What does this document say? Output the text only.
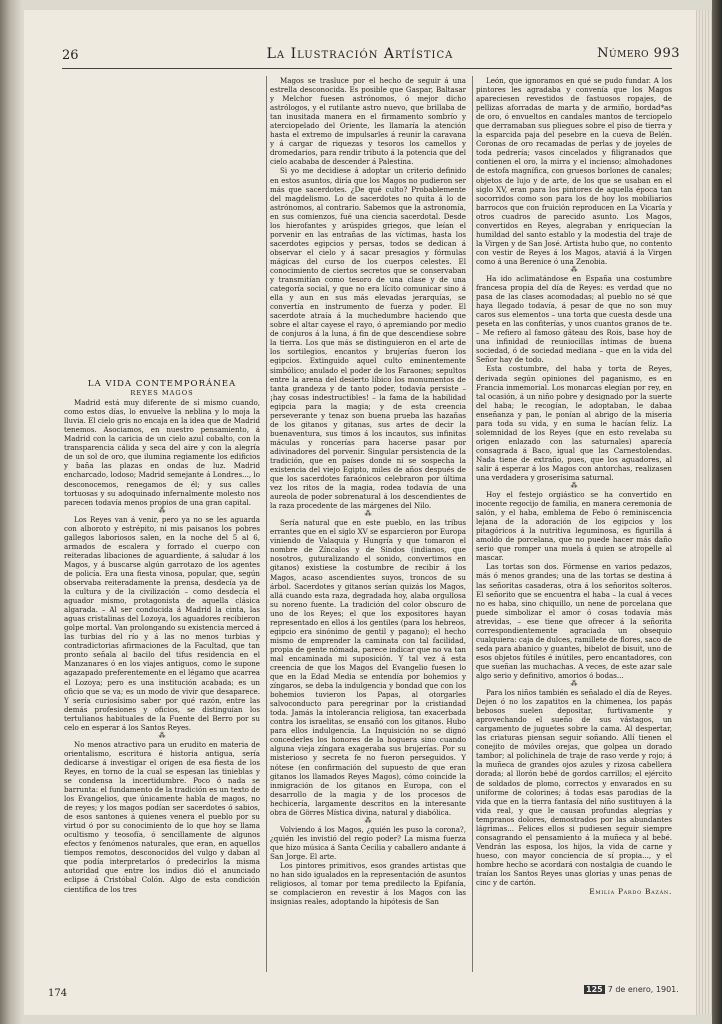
26	La Ilustración Artística	Número 993

LA VIDA CONTEMPORÁNEA

REYES MAGOS

Madrid está muy diferente de sí mismo cuando, como estos días, lo envuelve la neblina y lo moja la lluvia. El cielo gris no encaja en la idea que de Madrid tenemos. Asociamos, en nuestro pensamiento, á Madrid con la caricia de un cielo azul cobalto, con la transparencia cálida y seca del aire y con la alegría de un sol de oro, que ilumina regiamente los edificios y baña las plazas en ondas de luz. Madrid encharcado, lodoso; Madrid semejante á Londres..., lo desconocemos, renegamos de él; y sus calles tortuosas y su adoquinado infernalmente molesto nos parecen todavía menos propios de una gran capital.

⁂

Los Reyes van á venir, pero ya no se les aguarda con alboroto y estrépito, ni mis paisanos los pobres gallegos laboriosos salen, en la noche del 5 al 6, armados de escalera y forrado el cuerpo con reiteradas libaciones de aguardiente, á saludar á los Magos, y á buscarse algún garrotazo de los agentes de policía. Era una fiesta vinosa, popular, que, según observaba reiteradamente la prensa, desdecía ya de la cultura y de la civilización – como desdecía el aguador mismo, protagonista de aquella clásica algarada. – Al ser conducida á Madrid la cinta, las aguas cristalinas del Lozoya, los aguadores recibieron golpe mortal. Van prolongando su existencia merced á las turbias del río y á las no menos turbias y contradictorias afirmaciones de la Facultad, que tan pronto señala al bacilo del tifus residencia en el Manzanares ó en los viajes antiguos, como le supone agazapado preferentemente en el légamo que acarrea el Lozoya; pero es una institución acabada; es un oficio que se va; es un modo de vivir que desaparece. Y sería curiosísimo saber por qué razón, entre las demás profesiones y oficios, se distinguían los tertulianos habituales de la Fuente del Berro por su celo en esperar á los Santos Reyes.

⁂

No menos atractivo para un erudito en materia de orientalismo, escritura é historia antigua, sería dedicarse á investigar el origen de esa fiesta de los Reyes, en torno de la cual se espesan las tinieblas y se condensa la incertidumbre. Poco ó nada se barrunta: el fundamento de la tradición es un texto de los Evangelios, que únicamente habla de magos, no de reyes; y los magos podían ser sacerdotes ó sabios, de esos santones á quienes venera el pueblo por su virtud ó por su conocimiento de lo que hoy se llama ocultismo y teosofía, ó sencillamente de algunos efectos y fenómenos naturales, que eran, en aquellos tiempos remotos, desconocidos del vulgo y daban al que podía interpretarlos ó predecirlos la misma autoridad que entre los indios dió el anunciado eclipse á Cristóbal Colón. Algo de esta condición científica de los tres

Magos se trasluce por el hecho de seguir á una estrella desconocida. Es posible que Gaspar, Baltasar y Melchor fuesen astrónomos, ó mejor dicho astrólogos, y el rutilante astro nuevo, que brillaba de tan inusitada manera en el firmamento sombrío y aterciopelado del Oriente, les llamaría la atención hasta el extremo de impulsarles á reunir la caravana y á cargar de riquezas y tesoros los camellos y dromedarios, para rendir tributo á la potencia que del cielo acababa de descender á Palestina.

Si yo me decidiese á adoptar un criterio definido en estos asuntos, diría que los Magos no pudieron ser más que sacerdotes. ¿De qué culto? Probablemente del magdelismo. Lo de sacerdotes no quita á lo de astrónomos, al contrario. Sabemos que la astronomía, en sus comienzos, fué una ciencia sacerdotal. Desde los hierofantes y arúspides griegos, que leían el porvenir en las entrañas de las víctimas, hasta los sacerdotes egipcios y persas, todos se dedican á observar el cielo y á sacar presagios y fórmulas mágicas del curso de los cuerpos celestes. El conocimiento de ciertos secretos que se conservaban y transmitían como tesoro de una clase y de una categoría social, y que no era lícito comunicar sino á ella y aun en sus más elevadas jerarquías, se convertía en instrumento de fuerza y poder. El sacerdote atraía á la muchedumbre haciendo que sobre el altar cayese el rayo, ó apremiando por medio de conjuros á la luna, á fin de que descendiese sobre la tierra. Los que más se distinguieron en el arte de los sortilegios, encantos y brujerías fueron los egipcios. Extinguido aquel culto eminentemente simbólico; anulado el poder de los Faraones; sepultos entre la arena del desierto líbico los monumentos de tanta grandeza y de tanto poder, todavía persiste – ¡hay cosas indestructibles! – la fama de la habilidad egipcia para la magia; y de esta creencia perseverante y tenaz son buena prueba las hazañas de los gitanos y gitanas, sus artes de decir la buenaventura, sus timos á los incautos, sus infinitas máculas y roncerías para hacerse pasar por adivinadores del porvenir. Singular persistencia de la tradición, que en países donde ni se sospecha la existencia del viejo Egipto, miles de años después de que los sacerdotes faraónicos celebraron por última vez los ritos de la magia, rodea todavía de una aureola de poder sobrenatural á los descendientes de la raza procedente de las márgenes del Nilo.

⁂

Sería natural que en este pueblo, en las tribus errantes que en el siglo XV se esparcieron por Europa viniendo de Valaquia y Hungría y que tomaron el nombre de Zíncalos y de Sindos (indianos, que nosotros, guturalizando el sonido, convertimos en gitanos) existiese la costumbre de recibir á los Magos, acaso ascendientes suyos, troncos de su árbol. Sacerdotes y gitanos serían quizás los Magos, allá cuando esta raza, degradada hoy, alaba orgullosa su noreno fuente. La tradición del color obscuro de uno de los Reyes; el que los expositores hayan representado en ellos á los gentiles (para los hebreos, egipcio era sinónimo de gentil y pagano); el hecho mismo de emprender la caminata con tal facilidad, propia de gente nómada, parece indicar que no va tan mal encaminada mi suposición. Y tal vez á esta creencia de que los Magos del Evangelio fuesen lo que en la Edad Media se entendía por bohemios y zíngaros, se deba la indulgencia y bondad que con los bohemios tuvieron los Papas, al otorgarles salvoconducto para peregrinar por la cristiandad toda. Jamás la intolerancia religiosa, tan exacerbada contra los israelitas, se ensañó con los gitanos. Hubo para ellos indulgencia. La Inquisición no se dignó concederles los honores de la hoguera sino cuando alguna vieja zíngara exageraba sus brujerías. Por su misterioso y secreta fe no fueron perseguidos. Y nótese (en confirmación del supuesto de que eran gitanos los llamados Reyes Magos), cómo coincide la inmigración de los gitanos en Europa, con el desarrollo de la magia y de los procesos de hechicería, largamente descritos en la interesante obra de Görres Mística divina, natural y diabólica.

⁂

Volviendo á los Magos, ¿quién les puso la corona?, ¿quién les invistió del regio poder? La misma fuerza que hizo música á Santa Cecilia y caballero andante á San Jorge. El arte.

Los pintores primitivos, esos grandes artistas que no han sido igualados en la representación de asuntos religiosos, al tomar por tema predilecto la Epifanía, se complacieron en revestir á los Magos con las insignias reales, adoptando la hipótesis de San

León, que ignoramos en qué se pudo fundar. A los pintores les agradaba y convenía que los Magos apareciesen revestidos de fastuosos ropajes, de pellizas aforradas de marta y de armiño, bordad*as de oro, ó envueltos en candales mantos de terciopelo que derramaban sus pliegues sobre el piso de tierra y la esparcida paja del pesebre en la cueva de Belén. Coronas de oro recamadas de perlas y de joyeles de toda pedrería; vasos cincelados y filigranados que contienen el oro, la mirra y el incienso; almohadones de estofa magnífica, con gruesos borlones de canales; objetos de lujo y de arte, de los que se usaban en el siglo XV, eran para los pintores de aquella época tan socorridos como son para los de hoy los mobiliarios barrocos que con fruición reproducen en La Vicaría y otros cuadros de parecido asunto. Los Magos, convertidos en Reyes, alegraban y enriquecían la humildad del santo establo y la modestia del traje de la Virgen y de San José. Artista hubo que, no contento con vestir de Reyes á los Magos, ataviá á la Virgen como á una Berenice ó una Zenobia.

⁂

Ha ido aclimatándose en España una costumbre francesa propia del día de Reyes: es verdad que no pasa de las clases acomodadas; al pueblo no sé que haya llegado todavía, á pesar de que no son muy caros sus elementos – una torta que cuesta desde una peseta en las confiterías, y unos cuantos granos de te. – Me refiero al famoso gâteau des Rois, base hoy de una infinidad de reuniocillas íntimas de buena sociedad, ó de sociedad mediana – que en la vida del Señor hay de todo.

Esta costumbre, del haba y torta de Reyes, derivada según opiniones del paganismo, es en Francia inmemorial. Los monarcas elegían por rey, en tal ocasión, á un niño pobre y designado por la suerte del haba; le recogían, le adoptaban, le dabaa enseñanza y pan, le ponían al abrigo de la miseria para toda su vida, y en suma le hacían feliz. La solemnidad de los Reyes (que en esto revelaba su origen enlazado con las saturnales) aparecía consagrada á Baco, igual que las Carnestolendas. Nada tiene de extraño, pues, que los aguadores, al salir á esperar á los Magos con antorchas, realizasen una verdadera y groserísima saturnal.

⁂

Hoy el festejo orgiástico se ha convertido en inocente regocijo de familia, en manera ceremonia de salón, y el haba, emblema de Febo ó reminiscencia lejana de la adoración de los egipcios y los pitagóricos á la nutritiva leguminosa, es figurilla á amoldo de porcelana, que no puede hacer más daño serio que romper una muela á quien se atropelle al mascar.

Las tortas son dos. Fórmense en varios pedazos, más ó menos grandes; una de las tortas se destina á las señoritas casaderas, otra á los señoritos solteros. El señorito que se encuentra el haba – la cual á veces no es haba, sino chiquillo, un nene de porcelana que puede simbolizar el amor ó cosas todavía más atrevidas, – ese tiene que ofrecer á la señorita correspondientemente agraciada un obsequio cualquiera: caja de dulces, ramillete de flores, saco de seda para abanico y guantes, bibelot de bisuit, uno de esos objetos fútiles é inútiles, pero encantadores, con que sueñan las muchachas. A veces, de este azar sale algo serio y definitivo, amorios ó bodas...

⁂

Para los niños también es señalado el día de Reyes. Dejen ó no los zapatitos en la chimenea, los papás bebosos suelen depositar, furtivamente y aprovechando el sueño de sus vástagos, un cargamento de juguetes sobre la cama. Al despertar, las criaturas piensan seguir soñando. Allí tienen el conejito de móviles orejas, que golpea un dorado tambor; al polichinela de traje de raso verde y rojo; á la muñeca de grandes ojos azules y rizosa cabellera dorada; al llorón bebé de gordos carrillos; el ejército de soldados de plomo, correctos y envarados en su uniforme de colorines; á todas esas parodias de la vida que en la tierra fantasía del niño sustituyen á la vida real, y que le causan profundas alegrías y tempranos dolores, demostrados por las abundantes lágrimas... Felices ellos si pudiesen seguir siempre consagrando el pensamiento á la muñeca y al bebé. Vendrán las esposa, los hijos, la vida de carne y hueso, con mayor conciencia de sí propia..., y el hombre hecho se acordará con nostalgia de cuando le traían los Santos Reyes unas glorias y unas penas de cinc y de cartón.

Emilia Pardo Bazán.

174	125 7 de enero, 1901.
